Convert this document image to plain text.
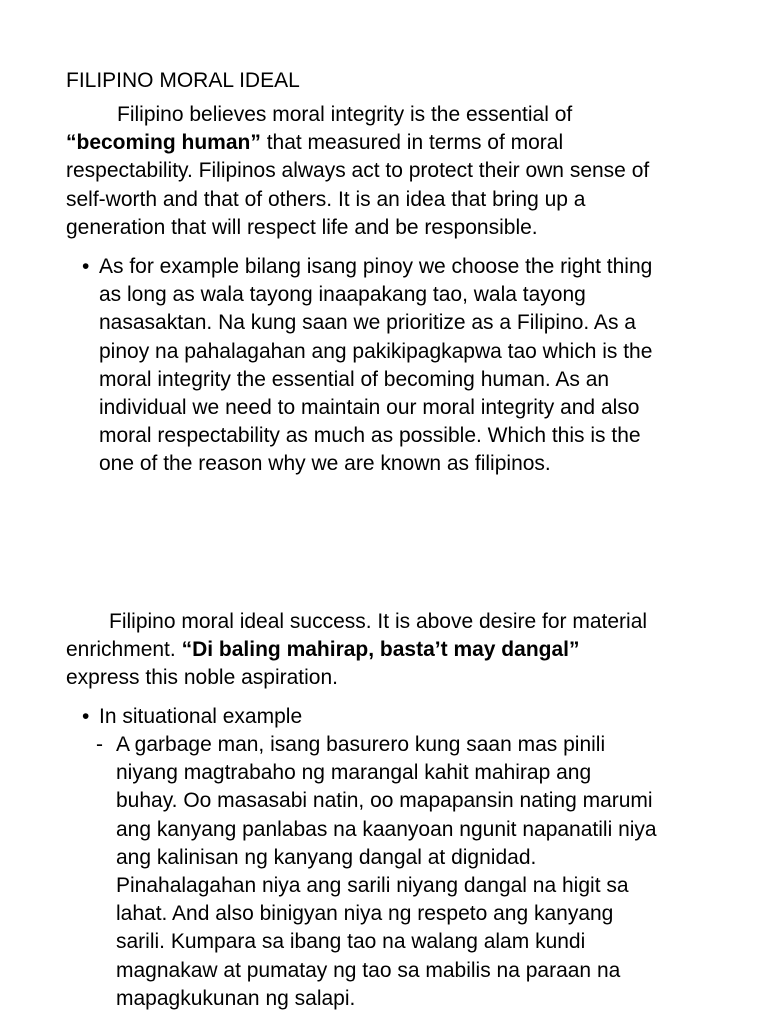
FILIPINO MORAL IDEAL
Filipino believes moral integrity is the essential of
“becoming human” that measured in terms of moral
respectability. Filipinos always act to protect their own sense of
self-worth and that of others. It is an idea that bring up a
generation that will respect life and be responsible.
• As for example bilang isang pinoy we choose the right thing
as long as wala tayong inaapakang tao, wala tayong
nasasaktan. Na kung saan we prioritize as a Filipino. As a
pinoy na pahalagahan ang pakikipagkapwa tao which is the
moral integrity the essential of becoming human. As an
individual we need to maintain our moral integrity and also
moral respectability as much as possible. Which this is the
one of the reason why we are known as filipinos.
Filipino moral ideal success. It is above desire for material
enrichment. “Di baling mahirap, basta’t may dangal”
express this noble aspiration.
• In situational example
- A garbage man, isang basurero kung saan mas pinili
niyang magtrabaho ng marangal kahit mahirap ang
buhay. Oo masasabi natin, oo mapapansin nating marumi
ang kanyang panlabas na kaanyoan ngunit napanatili niya
ang kalinisan ng kanyang dangal at dignidad.
Pinahalagahan niya ang sarili niyang dangal na higit sa
lahat. And also binigyan niya ng respeto ang kanyang
sarili. Kumpara sa ibang tao na walang alam kundi
magnakaw at pumatay ng tao sa mabilis na paraan na
mapagkukunan ng salapi.
